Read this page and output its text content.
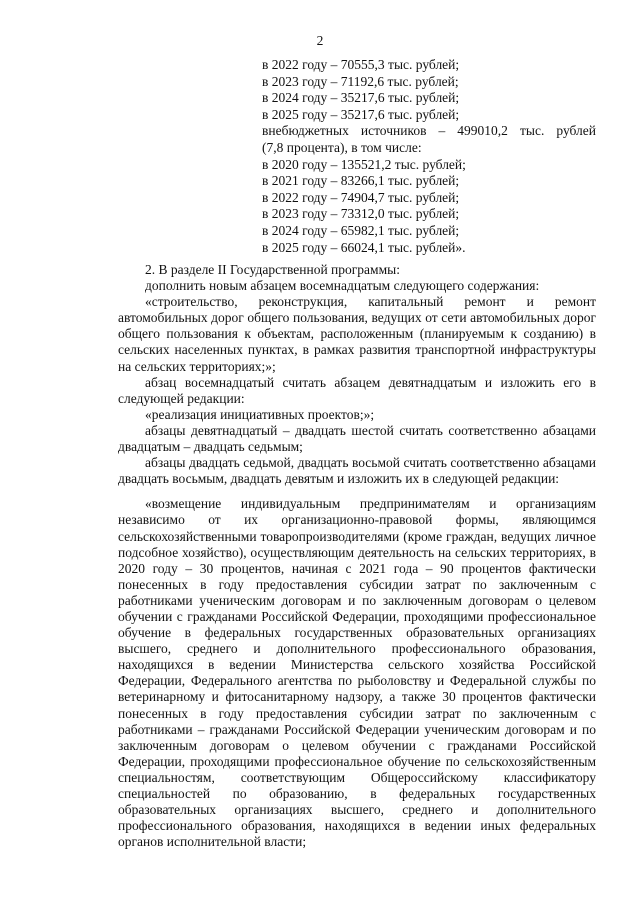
2
в 2022 году – 70555,3 тыс. рублей;
в 2023 году – 71192,6 тыс. рублей;
в 2024 году – 35217,6 тыс. рублей;
в 2025 году – 35217,6 тыс. рублей;
внебюджетных источников – 499010,2 тыс. рублей
(7,8 процента), в том числе:
в 2020 году – 135521,2 тыс. рублей;
в 2021 году – 83266,1 тыс. рублей;
в 2022 году – 74904,7 тыс. рублей;
в 2023 году – 73312,0 тыс. рублей;
в 2024 году – 65982,1 тыс. рублей;
в 2025 году – 66024,1 тыс. рублей».

2. В разделе II Государственной программы:

дополнить новым абзацем восемнадцатым следующего содержания:

«строительство, реконструкция, капитальный ремонт и ремонт автомобильных дорог общего пользования, ведущих от сети автомобильных дорог общего пользования к объектам, расположенным (планируемым к созданию) в сельских населенных пунктах, в рамках развития транспортной инфраструктуры на сельских территориях;»;

абзац восемнадцатый считать абзацем девятнадцатым и изложить его в следующей редакции:

«реализация инициативных проектов;»;

абзацы девятнадцатый – двадцать шестой считать соответственно абзацами двадцатым – двадцать седьмым;

абзацы двадцать седьмой, двадцать восьмой считать соответственно абзацами двадцать восьмым, двадцать девятым и изложить их в следующей редакции:

«возмещение индивидуальным предпринимателям и организациям независимо от их организационно-правовой формы, являющимся сельскохозяйственными товаропроизводителями (кроме граждан, ведущих личное подсобное хозяйство), осуществляющим деятельность на сельских территориях, в 2020 году – 30 процентов, начиная с 2021 года – 90 процентов фактически понесенных в году предоставления субсидии затрат по заключенным с работниками ученическим договорам и по заключенным договорам о целевом обучении с гражданами Российской Федерации, проходящими профессиональное обучение в федеральных государственных образовательных организациях высшего, среднего и дополнительного профессионального образования, находящихся в ведении Министерства сельского хозяйства Российской Федерации, Федерального агентства по рыболовству и Федеральной службы по ветеринарному и фитосанитарному надзору, а также 30 процентов фактически понесенных в году предоставления субсидии затрат по заключенным с работниками – гражданами Российской Федерации ученическим договорам и по заключенным договорам о целевом обучении с гражданами Российской Федерации, проходящими профессиональное обучение по сельскохозяйственным специальностям, соответствующим Общероссийскому классификатору специальностей по образованию, в федеральных государственных образовательных организациях высшего, среднего и дополнительного профессионального образования, находящихся в ведении иных федеральных органов исполнительной власти;
